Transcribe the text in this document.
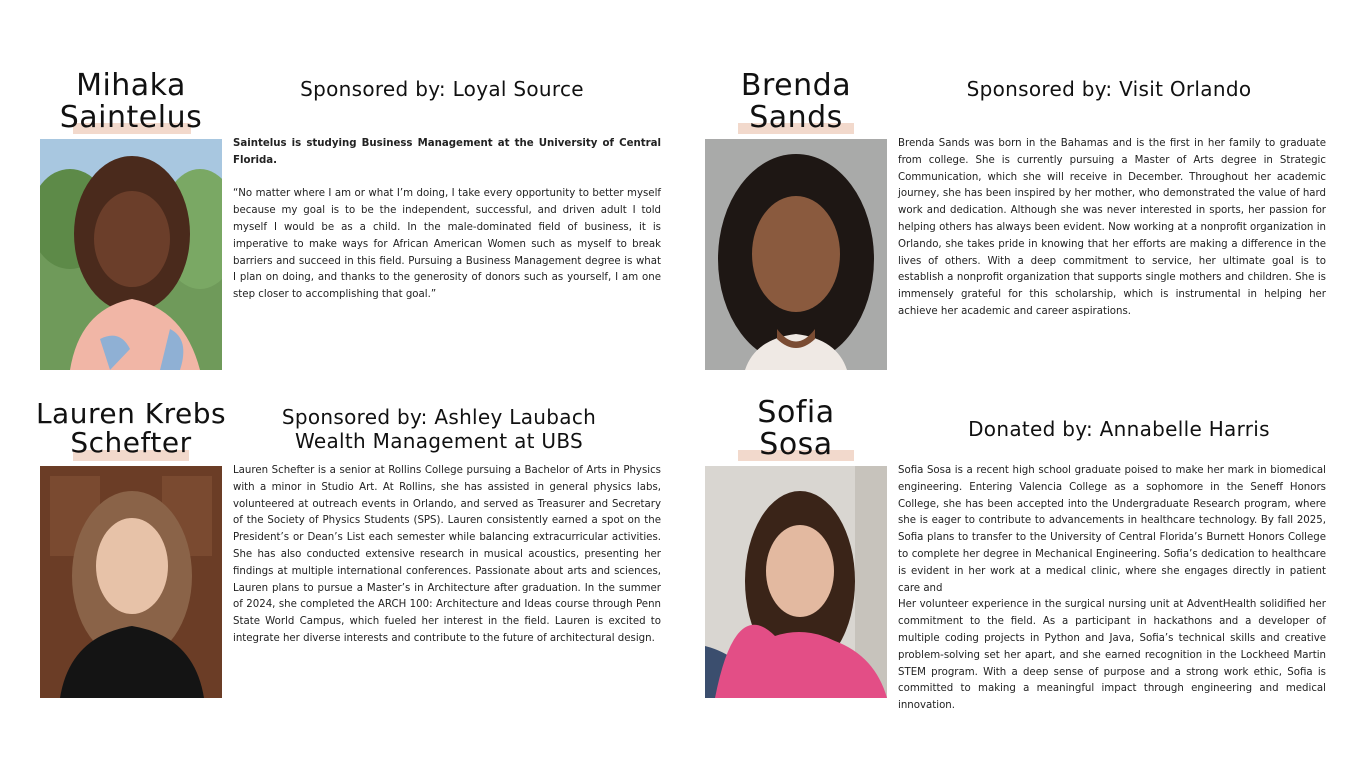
Mihaka
Saintelus
Sponsored by: Loyal Source

Saintelus is studying Business Management at the University of Central Florida.

“No matter where I am or what I’m doing, I take every opportunity to better myself because my goal is to be the independent, successful, and driven adult I told myself I would be as a child. In the male-dominated field of business, it is imperative to make ways for African American Women such as myself to break barriers and succeed in this field. Pursuing a Business Management degree is what I plan on doing, and thanks to the generosity of donors such as yourself, I am one step closer to accomplishing that goal.”

Brenda
Sands
Sponsored by: Visit Orlando
Brenda Sands was born in the Bahamas and is the first in her family to graduate from college. She is currently pursuing a Master of Arts degree in Strategic Communication, which she will receive in December. Throughout her academic journey, she has been inspired by her mother, who demonstrated the value of hard work and dedication. Although she was never interested in sports, her passion for helping others has always been evident. Now working at a nonprofit organization in Orlando, she takes pride in knowing that her efforts are making a difference in the lives of others. With a deep commitment to service, her ultimate goal is to establish a nonprofit organization that supports single mothers and children. She is immensely grateful for this scholarship, which is instrumental in helping her achieve her academic and career aspirations.
Lauren Krebs
Schefter
Sponsored by: Ashley Laubach
Wealth Management at UBS
Lauren Schefter is a senior at Rollins College pursuing a Bachelor of Arts in Physics with a minor in Studio Art. At Rollins, she has assisted in general physics labs, volunteered at outreach events in Orlando, and served as Treasurer and Secretary of the Society of Physics Students (SPS). Lauren consistently earned a spot on the President’s or Dean’s List each semester while balancing extracurricular activities. She has also conducted extensive research in musical acoustics, presenting her findings at multiple international conferences. Passionate about arts and sciences, Lauren plans to pursue a Master’s in Architecture after graduation. In the summer of 2024, she completed the ARCH 100: Architecture and Ideas course through Penn State World Campus, which fueled her interest in the field. Lauren is excited to integrate her diverse interests and contribute to the future of architectural design.
Sofia
Sosa	Donated by: Annabelle Harris

Sofia Sosa is a recent high school graduate poised to make her mark in biomedical engineering. Entering Valencia College as a sophomore in the Seneff Honors College, she has been accepted into the Undergraduate Research program, where she is eager to contribute to advancements in healthcare technology. By fall 2025, Sofia plans to transfer to the University of Central Florida’s Burnett Honors College to complete her degree in Mechanical Engineering. Sofia’s dedication to healthcare is evident in her work at a medical clinic, where she engages directly in patient care and

Her volunteer experience in the surgical nursing unit at AdventHealth solidified her commitment to the field. As a participant in hackathons and a developer of multiple coding projects in Python and Java, Sofia’s technical skills and creative problem-solving set her apart, and she earned recognition in the Lockheed Martin STEM program. With a deep sense of purpose and a strong work ethic, Sofia is committed to making a meaningful impact through engineering and medical innovation.
